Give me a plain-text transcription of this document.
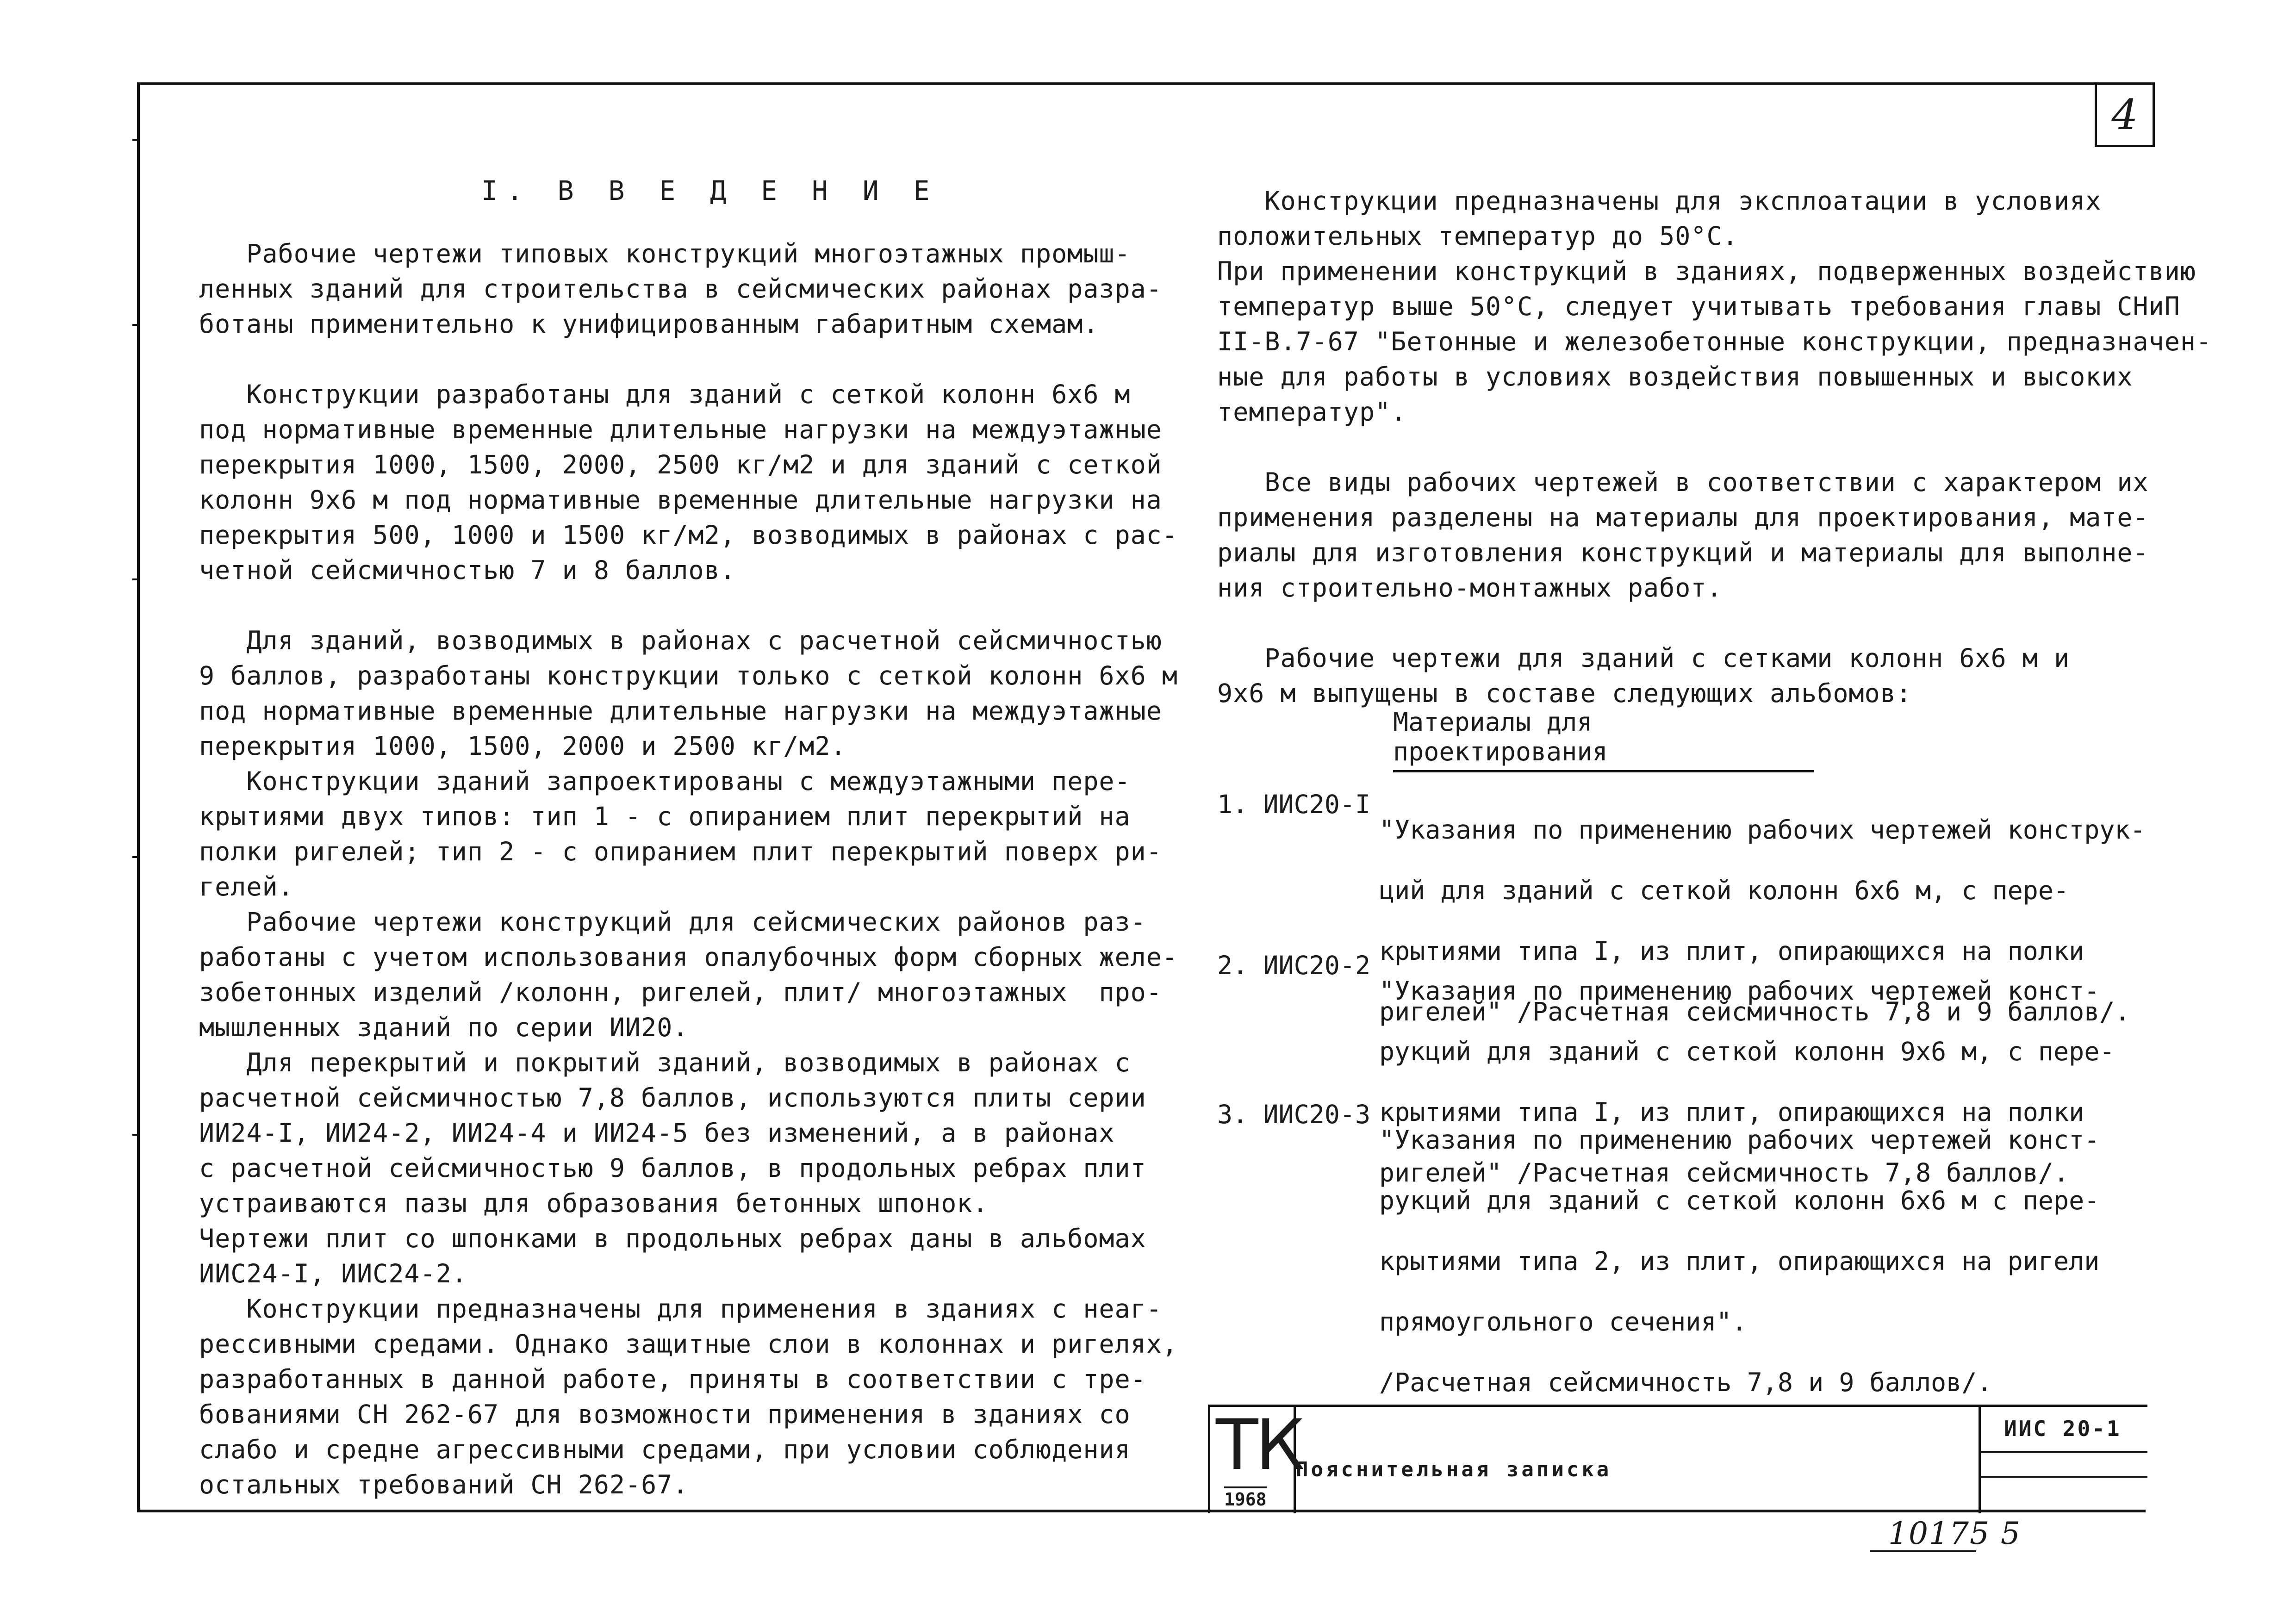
4
I. В В Е Д Е Н И Е

Рабочие чертежи типовых конструкций многоэтажных промыш-

ленных зданий для строительства в сейсмических районах разра-

ботаны применительно к унифицированным габаритным схемам.

Конструкции разработаны для зданий с сеткой колонн 6х6 м

под нормативные временные длительные нагрузки на междуэтажные

перекрытия 1000, 1500, 2000, 2500 кг/м2 и для зданий с сеткой

колонн 9х6 м под нормативные временные длительные нагрузки на

перекрытия 500, 1000 и 1500 кг/м2, возводимых в районах с рас-

четной сейсмичностью 7 и 8 баллов.

Для зданий, возводимых в районах с расчетной сейсмичностью

9 баллов, разработаны конструкции только с сеткой колонн 6х6 м

под нормативные временные длительные нагрузки на междуэтажные

перекрытия 1000, 1500, 2000 и 2500 кг/м2.

Конструкции зданий запроектированы с междуэтажными пере-

крытиями двух типов: тип 1 - с опиранием плит перекрытий на

полки ригелей; тип 2 - с опиранием плит перекрытий поверх ри-

гелей.

Рабочие чертежи конструкций для сейсмических районов раз-

работаны с учетом использования опалубочных форм сборных желе-

зобетонных изделий /колонн, ригелей, плит/ многоэтажных  про-

мышленных зданий по серии ИИ20.

Для перекрытий и покрытий зданий, возводимых в районах с

расчетной сейсмичностью 7,8 баллов, используются плиты серии

ИИ24-I, ИИ24-2, ИИ24-4 и ИИ24-5 без изменений, а в районах

с расчетной сейсмичностью 9 баллов, в продольных ребрах плит

устраиваются пазы для образования бетонных шпонок.

Чертежи плит со шпонками в продольных ребрах даны в альбомах

ИИС24-I, ИИС24-2.

Конструкции предназначены для применения в зданиях с неаг-

рессивными средами. Однако защитные слои в колоннах и ригелях,

разработанных в данной работе, приняты в соответствии с тре-

бованиями СН 262-67 для возможности применения в зданиях со

слабо и средне агрессивными средами, при условии соблюдения

остальных требований СН 262-67.

Конструкции предназначены для эксплоатации в условиях

положительных температур до 50°С.

При применении конструкций в зданиях, подверженных воздействию

температур выше 50°С, следует учитывать требования главы СНиП

II-В.7-67 "Бетонные и железобетонные конструкции, предназначен-

ные для работы в условиях воздействия повышенных и высоких

температур".

Все виды рабочих чертежей в соответствии с характером их

применения разделены на материалы для проектирования, мате-

риалы для изготовления конструкций и материалы для выполне-

ния строительно-монтажных работ.

Рабочие чертежи для зданий с сетками колонн 6х6 м и

9х6 м выпущены в составе следующих альбомов:

Материалы для проектирования
1. ИИС20-I

"Указания по применению рабочих чертежей конструк-

ций для зданий с сеткой колонн 6х6 м, с пере-

крытиями типа I, из плит, опирающихся на полки

ригелей" /Расчетная сейсмичность 7,8 и 9 баллов/.

2. ИИС20-2

"Указания по применению рабочих чертежей конст-

рукций для зданий с сеткой колонн 9х6 м, с пере-

крытиями типа I, из плит, опирающихся на полки

ригелей" /Расчетная сейсмичность 7,8 баллов/.

3. ИИС20-3

"Указания по применению рабочих чертежей конст-

рукций для зданий с сеткой колонн 6х6 м с пере-

крытиями типа 2, из плит, опирающихся на ригели

прямоугольного сечения".

/Расчетная сейсмичность 7,8 и 9 баллов/.

ТК
1968
Пояснительная записка
ИИС 20-1
10175 5
